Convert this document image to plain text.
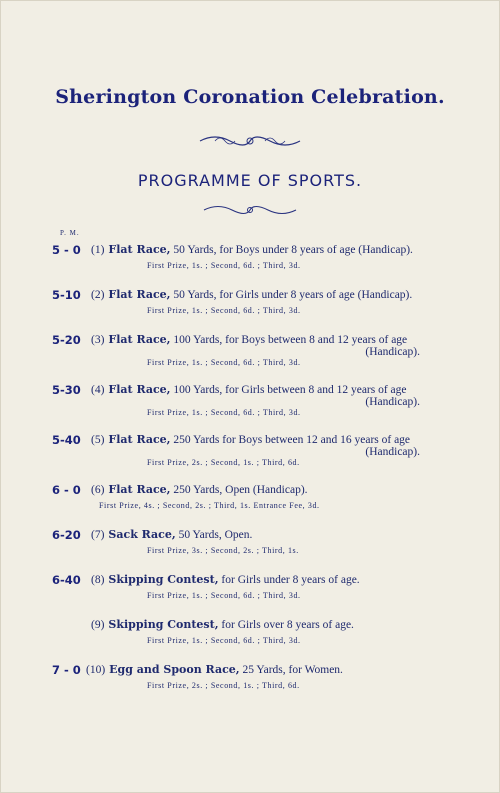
Sherington Coronation Celebration.
PROGRAMME OF SPORTS.
P. M.
5 - 0 (1) Flat Race, 50 Yards, for Boys under 8 years of age (Handicap).
First Prize, 1s. ; Second, 6d. ; Third, 3d.
5-10 (2) Flat Race, 50 Yards, for Girls under 8 years of age (Handicap).
First Prize, 1s. ; Second, 6d. ; Third, 3d.
5-20 (3) Flat Race, 100 Yards, for Boys between 8 and 12 years of age
(Handicap).
First Prize, 1s. ; Second, 6d. ; Third, 3d.
5-30 (4) Flat Race, 100 Yards, for Girls between 8 and 12 years of age
(Handicap).
First Prize, 1s. ; Second, 6d. ; Third, 3d.
5-40 (5) Flat Race, 250 Yards for Boys between 12 and 16 years of age
(Handicap).
First Prize, 2s. ; Second, 1s. ; Third, 6d.
6 - 0 (6) Flat Race, 250 Yards, Open (Handicap).
First Prize, 4s. ; Second, 2s. ; Third, 1s. Entrance Fee, 3d.
6-20 (7) Sack Race, 50 Yards, Open.
First Prize, 3s. ; Second, 2s. ; Third, 1s.
6-40 (8) Skipping Contest, for Girls under 8 years of age.
First Prize, 1s. ; Second, 6d. ; Third, 3d.
(9) Skipping Contest, for Girls over 8 years of age.
First Prize, 1s. ; Second, 6d. ; Third, 3d.
7 - 0 (10) Egg and Spoon Race, 25 Yards, for Women.
First Prize, 2s. ; Second, 1s. ; Third, 6d.
